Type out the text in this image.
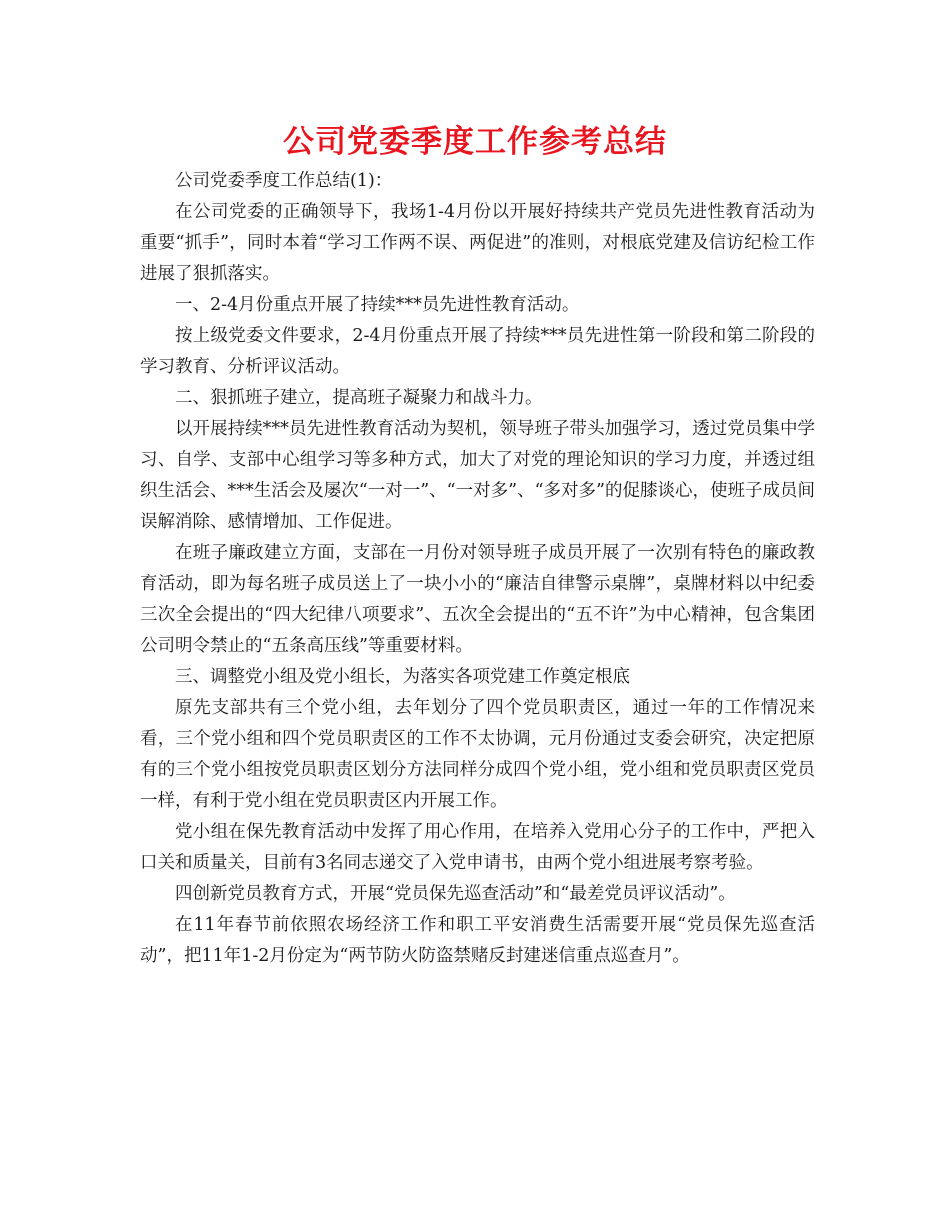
公司党委季度工作参考总结

公司党委季度工作总结(1)：

在公司党委的正确领导下，我场1-4月份以开展好持续共产党员先进性教育活动为重要“抓手”，同时本着“学习工作两不误、两促进”的准则，对根底党建及信访纪检工作进展了狠抓落实。

一、2-4月份重点开展了持续***员先进性教育活动。

按上级党委文件要求，2-4月份重点开展了持续***员先进性第一阶段和第二阶段的学习教育、分析评议活动。

二、狠抓班子建立，提高班子凝聚力和战斗力。

以开展持续***员先进性教育活动为契机，领导班子带头加强学习，透过党员集中学习、自学、支部中心组学习等多种方式，加大了对党的理论知识的学习力度，并透过组织生活会、***生活会及屡次“一对一”、“一对多”、“多对多”的促膝谈心，使班子成员间误解消除、感情增加、工作促进。

在班子廉政建立方面，支部在一月份对领导班子成员开展了一次别有特色的廉政教育活动，即为每名班子成员送上了一块小小的“廉洁自律警示桌牌”，桌牌材料以中纪委三次全会提出的“四大纪律八项要求”、五次全会提出的“五不许”为中心精神，包含集团公司明令禁止的“五条高压线”等重要材料。

三、调整党小组及党小组长，为落实各项党建工作奠定根底

原先支部共有三个党小组，去年划分了四个党员职责区，通过一年的工作情况来看，三个党小组和四个党员职责区的工作不太协调，元月份通过支委会研究，决定把原有的三个党小组按党员职责区划分方法同样分成四个党小组，党小组和党员职责区党员一样，有利于党小组在党员职责区内开展工作。

党小组在保先教育活动中发挥了用心作用，在培养入党用心分子的工作中，严把入口关和质量关，目前有3名同志递交了入党申请书，由两个党小组进展考察考验。

四创新党员教育方式，开展“党员保先巡查活动”和“最差党员评议活动”。

在11年春节前依照农场经济工作和职工平安消费生活需要开展“党员保先巡查活动”，把11年1-2月份定为“两节防火防盗禁赌反封建迷信重点巡查月”。
